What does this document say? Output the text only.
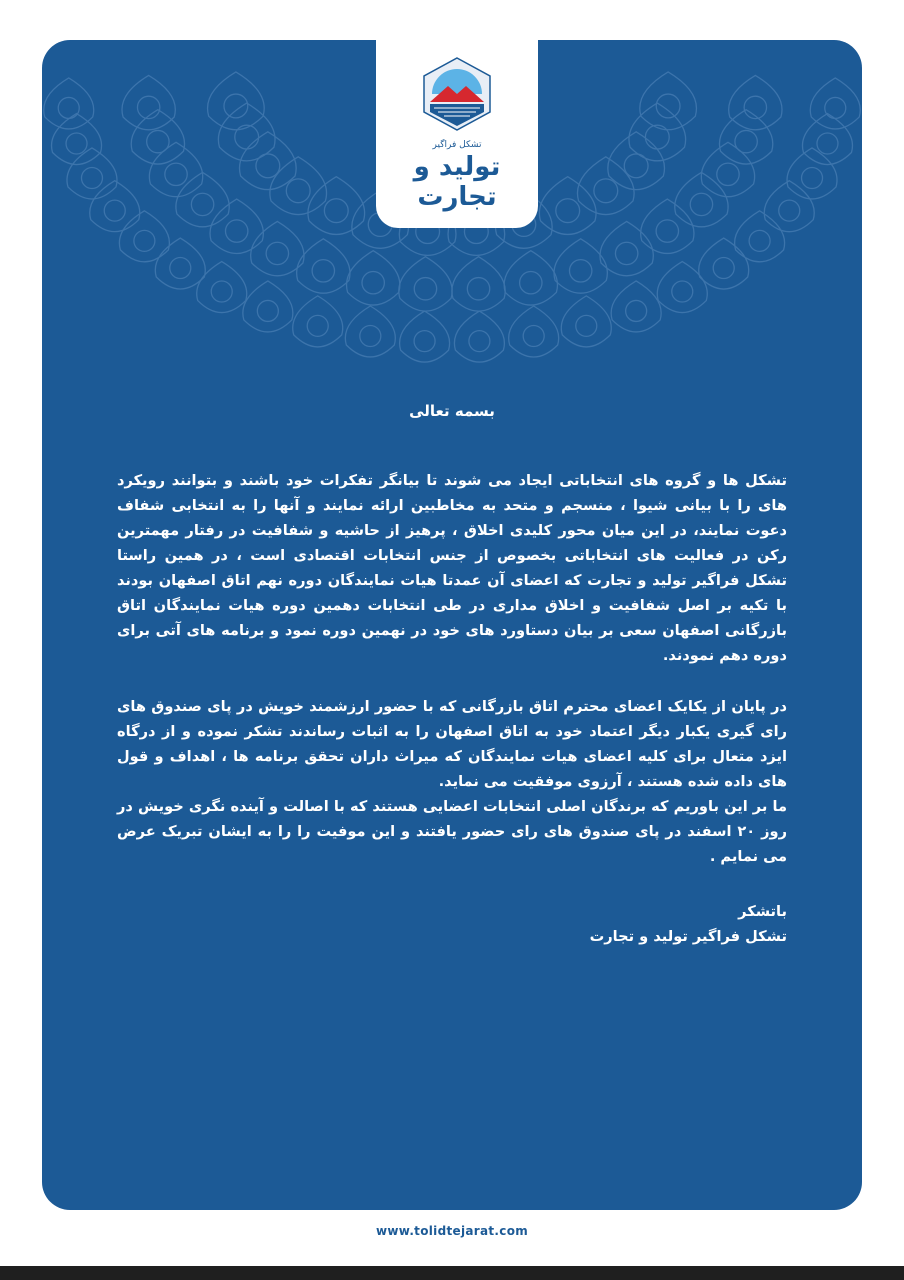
تشکل فراگیر
تولید و تجارت
بسمه تعالی

تشکل ها و گروه های انتخاباتی ایجاد می شوند تا بیانگر تفکرات خود باشند و بتوانند رویکرد های را با بیانی شیوا ، منسجم و متحد به مخاطبین ارائه نمایند و آنها را به انتخابی شفاف دعوت نمایند، در این میان محور کلیدی اخلاق ، پرهیز از حاشیه و شفافیت در رفتار مهمترین رکن در فعالیت های انتخاباتی بخصوص از جنس انتخابات اقتصادی است ، در همین راستا تشکل فراگیر تولید و تجارت که اعضای آن عمدتا هیات نمایندگان دوره نهم اتاق اصفهان بودند با تکیه بر اصل شفافیت و اخلاق مداری در طی انتخابات دهمین دوره هیات نمایندگان اتاق بازرگانی اصفهان سعی بر بیان دستاورد های خود در نهمین دوره نمود و برنامه های آتی برای دوره دهم نمودند.

در پایان از یکایک اعضای محترم اتاق بازرگانی که با حضور ارزشمند خویش در پای صندوق های رای گیری یکبار دیگر اعتماد خود به اتاق اصفهان را به اثبات رساندند تشکر نموده و از درگاه ایزد متعال برای کلیه اعضای هیات نمایندگان که میراث داران تحقق برنامه ها ، اهداف و قول های داده شده هستند ، آرزوی موفقیت می نماید.

ما بر این باوریم که برندگان اصلی انتخابات اعضایی هستند که با اصالت و آینده نگری خویش در روز ۲۰ اسفند در پای صندوق های رای حضور یافتند و این موفیت را را به ایشان تبریک عرض می نمایم .

باتشکر
تشکل فراگیر تولید و تجارت
www.tolidtejarat.com
